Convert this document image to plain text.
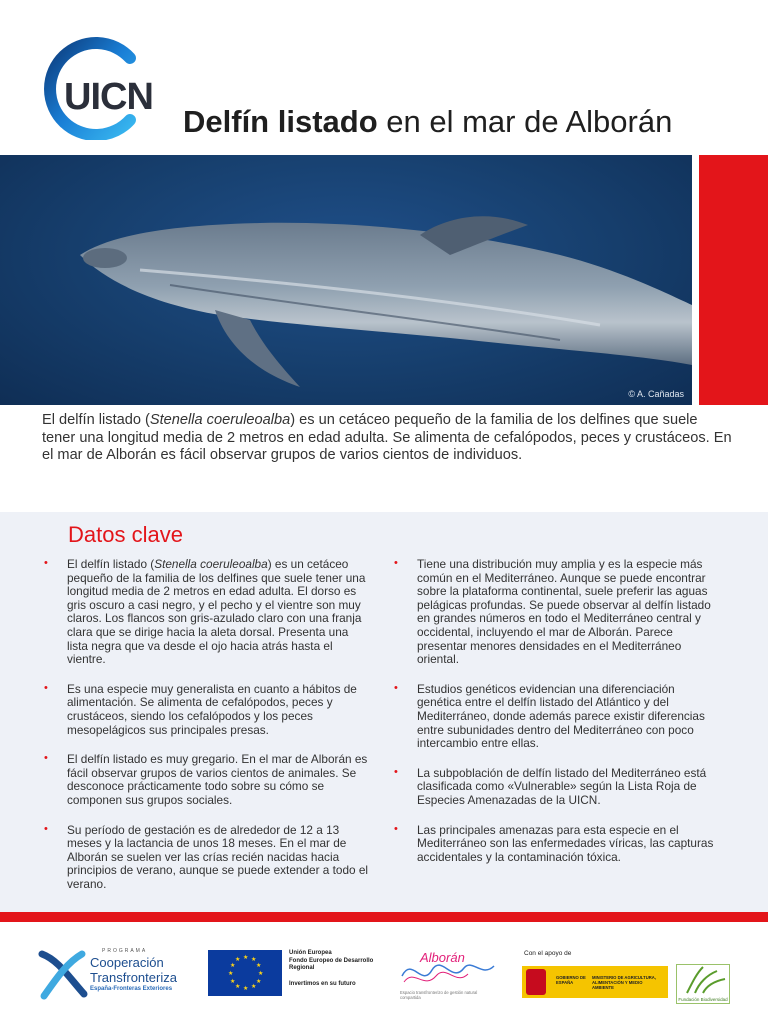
UICN
Delfín listado en el mar de Alborán
© A. Cañadas

El delfín listado (Stenella coeruleoalba) es un cetáceo pequeño de la familia de los delfines que suele tener una longitud media de 2 metros en edad adulta. Se alimenta de cefalópodos, peces y crustáceos. En el mar de Alborán es fácil observar grupos de varios cientos de individuos.

Datos clave
• El delfín listado (Stenella coeruleoalba) es un cetáceo pequeño de la familia de los delfines que suele tener una longitud media de 2 metros en edad adulta. El dorso es gris oscuro a casi negro, y el pecho y el vientre son muy claros. Los flancos son gris-azulado claro con una franja clara que se dirige hacia la aleta dorsal. Presenta una lista negra que va desde el ojo hacia atrás hasta el vientre.
• Es una especie muy generalista en cuanto a hábitos de alimentación. Se alimenta de cefalópodos, peces y crustáceos, siendo los cefalópodos y los peces mesopelágicos sus principales presas.
• El delfín listado es muy gregario. En el mar de Alborán es fácil observar grupos de varios cientos de animales. Se desconoce prácticamente todo sobre su cómo se componen sus grupos sociales.
• Su período de gestación es de alrededor de 12 a 13 meses y la lactancia de unos 18 meses. En el mar de Alborán se suelen ver las crías recién nacidas hacia principios de verano, aunque se puede extender a todo el verano.
• Tiene una distribución muy amplia y es la especie más común en el Mediterráneo. Aunque se puede encontrar sobre la plataforma continental, suele preferir las aguas pelágicas profundas. Se puede observar al delfín listado en grandes números en todo el Mediterráneo central y occidental, incluyendo el mar de Alborán. Parece presentar menores densidades en el Mediterráneo oriental.
• Estudios genéticos evidencian una diferenciación genética entre el delfín listado del Atlántico y del Mediterráneo, donde además parece existir diferencias entre subunidades dentro del Mediterráneo con poco intercambio entre ellas.
• La subpoblación de delfín listado del Mediterráneo está clasificada como «Vulnerable» según la Lista Roja de Especies Amenazadas de la UICN.
• Las principales amenazas para esta especie en el Mediterráneo son las enfermedades víricas, las capturas accidentales y la contaminación tóxica.
PROGRAMA
Cooperación
Transfronteriza
España-Fronteras Exteriores
★ ★
★
★
★
★
★
★
★
★
★
★
Unión Europea
Fondo Europeo de Desarrollo Regional
Invertimos en su futuro
Alborán
Espacio transfronterizo de gestión natural compartida
Con el apoyo de
GOBIERNO DE ESPAÑA
MINISTERIO DE AGRICULTURA, ALIMENTACIÓN Y MEDIO AMBIENTE
Fundación Biodiversidad
